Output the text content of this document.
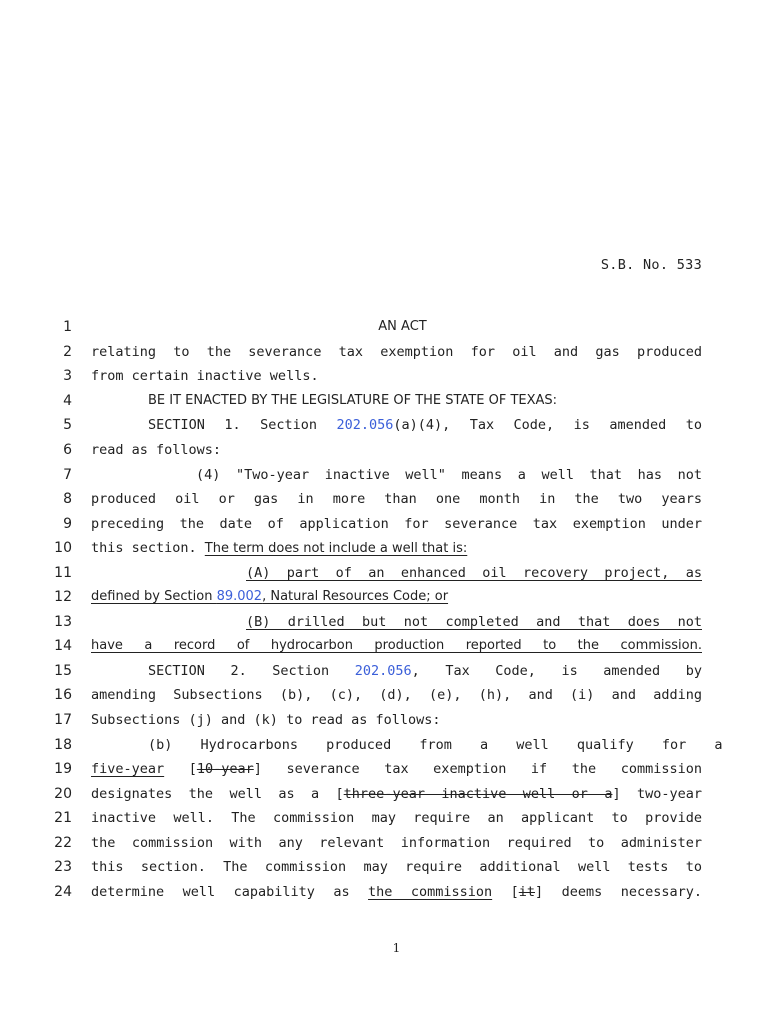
S.B. No. 533
1	AN ACT
2 relating to the severance tax exemption for oil and gas produced
3 from certain inactive wells.
4	BE IT ENACTED BY THE LEGISLATURE OF THE STATE OF TEXAS:
5	SECTION 1. Section 202.056(a)(4), Tax Code, is amended to
6 read as follows:
7	(4) "Two-year inactive well" means a well that has not
8 produced oil or gas in more than one month in the two years
9 preceding the date of application for severance tax exemption under
10 this section. The term does not include a well that is:
11	(A) part of an enhanced oil recovery project, as
12 defined by Section 89.002, Natural Resources Code; or
13	(B) drilled but not completed and that does not
14 have a record of hydrocarbon production reported to the commission.
15	SECTION 2. Section 202.056, Tax Code, is amended by
16 amending Subsections (b), (c), (d), (e), (h), and (i) and adding
17 Subsections (j) and (k) to read as follows:
18	(b) Hydrocarbons produced from a well qualify for a
19 five-year [10-year] severance tax exemption if the commission
20 designates the well as a [three-year inactive well or a] two-year
21 inactive well. The commission may require an applicant to provide
22 the commission with any relevant information required to administer
23 this section. The commission may require additional well tests to
24 determine well capability as the commission [it] deems necessary.
1
